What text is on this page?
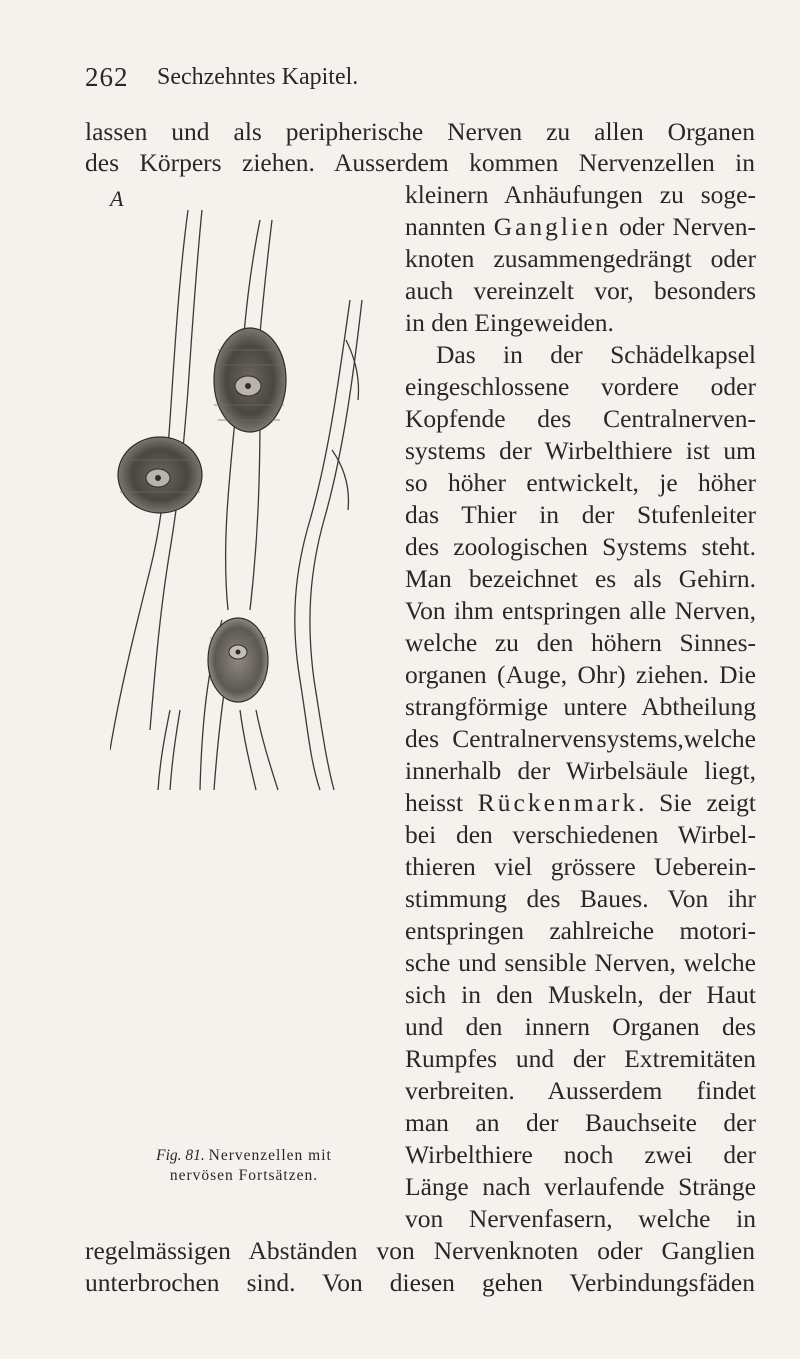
262 Sechzehntes Kapitel.
lassen und als peripherische Nerven zu allen Organen
des Körpers ziehen. Ausserdem kommen Nervenzellen in
kleinern Anhäufungen zu soge-
nannten Ganglien oder Nerven-
knoten zusammengedrängt oder
auch vereinzelt vor, besonders
in den Eingeweiden.
Das in der Schädelkapsel
eingeschlossene vordere oder
Kopfende des Centralnerven-
systems der Wirbelthiere ist um
so höher entwickelt, je höher
das Thier in der Stufenleiter
des zoologischen Systems steht.
Man bezeichnet es als Gehirn.
Von ihm entspringen alle Nerven,
welche zu den höhern Sinnes-
organen (Auge, Ohr) ziehen. Die
strangförmige untere Abtheilung
des Centralnervensystems,welche
innerhalb der Wirbelsäule liegt,
heisst Rückenmark. Sie zeigt
bei den verschiedenen Wirbel-
thieren viel grössere Ueberein-
stimmung des Baues. Von ihr
entspringen zahlreiche motori-
sche und sensible Nerven, welche
sich in den Muskeln, der Haut
und den innern Organen des
Rumpfes und der Extremitäten
verbreiten. Ausserdem findet
man an der Bauchseite der
Wirbelthiere noch zwei der
Länge nach verlaufende Stränge
von Nervenfasern, welche in
regelmässigen Abständen von Nervenknoten oder Ganglien
unterbrochen sind. Von diesen gehen Verbindungsfäden
A
Fig. 81. Nervenzellen mit
nervösen Fortsätzen.
